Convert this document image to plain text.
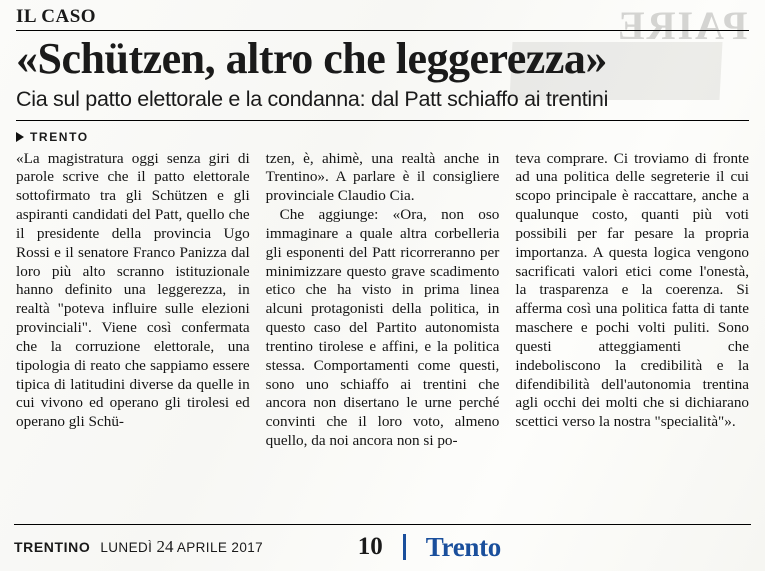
PAIRE
IL CASO
«Schützen, altro che leggerezza»
Cia sul patto elettorale e la condanna: dal Patt schiaffo ai trentini
TRENTO

«La magistratura oggi senza giri di parole scrive che il patto elettorale sottofirmato tra gli Schützen e gli aspiranti candidati del Patt, quello che il presidente della provincia Ugo Rossi e il senatore Franco Panizza dal loro più alto scranno istituzionale hanno definito una leggerezza, in realtà "poteva influire sulle elezioni provinciali". Viene così confermata che la corruzione elettorale, una tipologia di reato che sappiamo essere tipica di latitudini diverse da quelle in cui vivono ed operano gli tirolesi ed operano gli Schü-

tzen, è, ahimè, una realtà anche in Trentino». A parlare è il consigliere provinciale Claudio Cia.

Che aggiunge: «Ora, non oso immaginare a quale altra corbelleria gli esponenti del Patt ricorreranno per minimizzare questo grave scadimento etico che ha visto in prima linea alcuni protagonisti della politica, in questo caso del Partito autonomista trentino tirolese e affini, e la politica stessa. Comportamenti come questi, sono uno schiaffo ai trentini che ancora non disertano le urne perché convinti che il loro voto, almeno quello, da noi ancora non si po-

teva comprare. Ci troviamo di fronte ad una politica delle segreterie il cui scopo principale è raccattare, anche a qualunque costo, quanti più voti possibili per far pesare la propria importanza. A questa logica vengono sacrificati valori etici come l'onestà, la trasparenza e la coerenza. Si afferma così una politica fatta di tante maschere e pochi volti puliti. Sono questi atteggiamenti che indeboliscono la credibilità e la difendibilità dell'autonomia trentina agli occhi dei molti che si dichiarano scettici verso la nostra "specialità"».

TRENTINO LUNEDÌ 24 APRILE 2017	10 Trento
